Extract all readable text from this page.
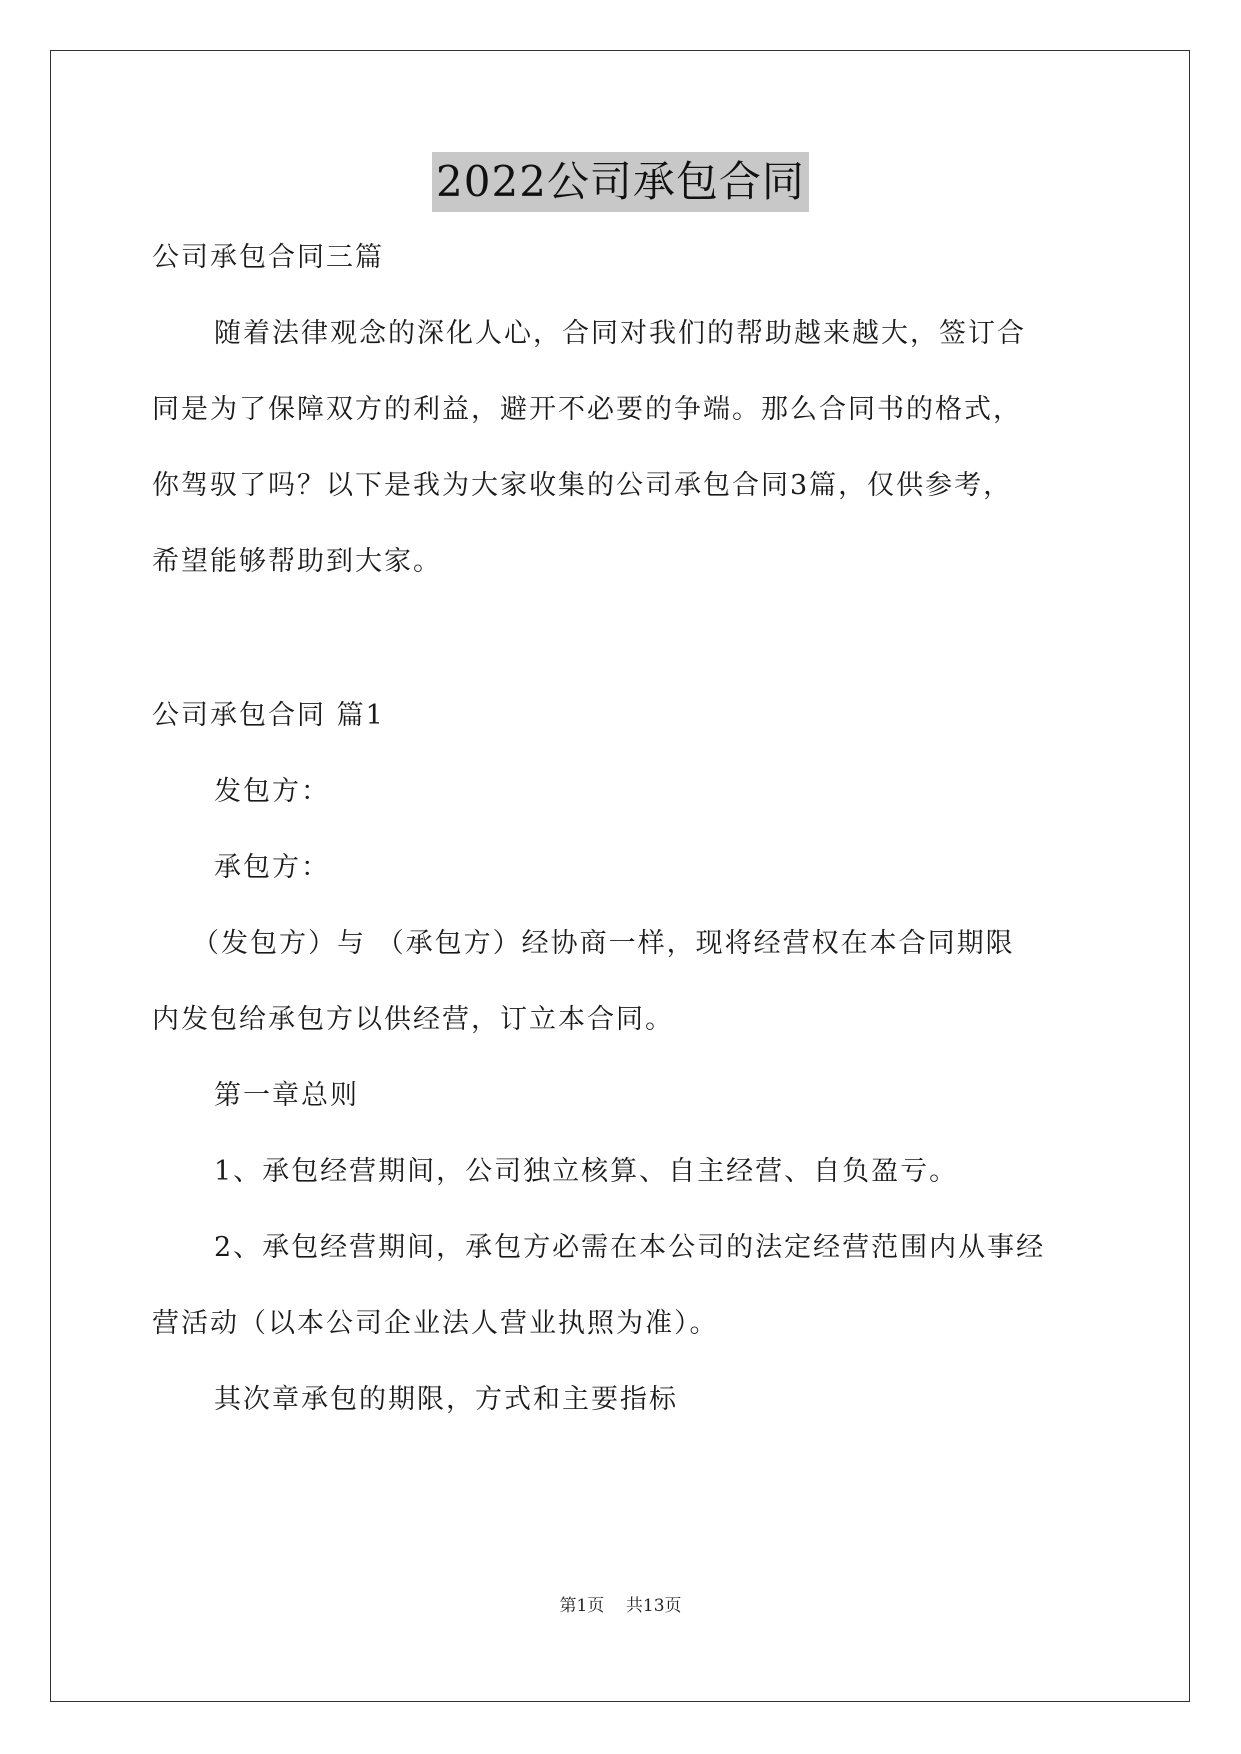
2022公司承包合同
公司承包合同三篇
随着法律观念的深化人心，合同对我们的帮助越来越大，签订合
同是为了保障双方的利益，避开不必要的争端。那么合同书的格式，
你驾驭了吗？以下是我为大家收集的公司承包合同3篇，仅供参考，
希望能够帮助到大家。
公司承包合同 篇1
发包方：
承包方：
（发包方）与 （承包方）经协商一样，现将经营权在本合同期限
内发包给承包方以供经营，订立本合同。
第一章总则
1、承包经营期间，公司独立核算、自主经营、自负盈亏。
2、承包经营期间，承包方必需在本公司的法定经营范围内从事经
营活动（以本公司企业法人营业执照为准）。
其次章承包的期限，方式和主要指标
第1页 共13页
